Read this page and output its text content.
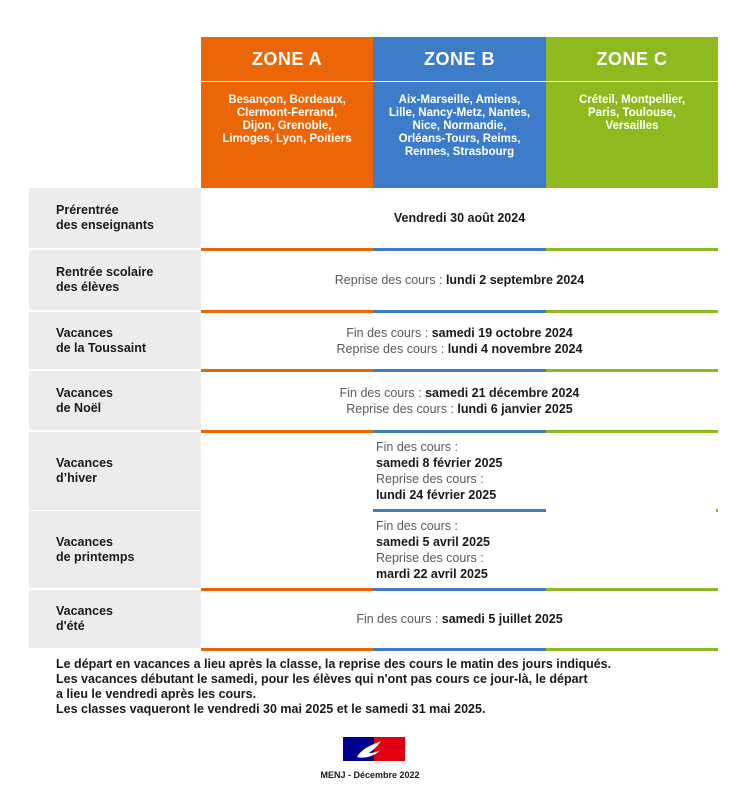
ZONE A	ZONE B	ZONE C
Besançon, Bordeaux,
Clermont-Ferrand,
Dijon, Grenoble,
Limoges, Lyon, Poitiers
Aix-Marseille, Amiens,
Lille, Nancy-Metz, Nantes,
Nice, Normandie,
Orléans-Tours, Reims,
Rennes, Strasbourg
Créteil, Montpellier,
Paris, Toulouse,
Versailles
Prérentrée
des enseignants
Rentrée scolaire
des élèves
Vacances
de la Toussaint
Vacances
de Noël
Vacances
d’hiver
Vacances
de printemps
Vacances
d'été
Vendredi 30 août 2024
Reprise des cours : lundi 2 septembre 2024
Fin des cours : samedi 19 octobre 2024
Reprise des cours : lundi 4 novembre 2024
Fin des cours : samedi 21 décembre 2024
Reprise des cours : lundi 6 janvier 2025
Fin des cours :
samedi 8 février 2025
Reprise des cours :
lundi 24 février 2025
Fin des cours :
samedi 5 avril 2025
Reprise des cours :
mardi 22 avril 2025
Fin des cours : samedi 5 juillet 2025
Le départ en vacances a lieu après la classe, la reprise des cours le matin des jours indiqués.
Les vacances débutant le samedi, pour les élèves qui n'ont pas cours ce jour-là, le départ
a lieu le vendredi après les cours.
Les classes vaqueront le vendredi 30 mai 2025 et le samedi 31 mai 2025.
MENJ - Décembre 2022
